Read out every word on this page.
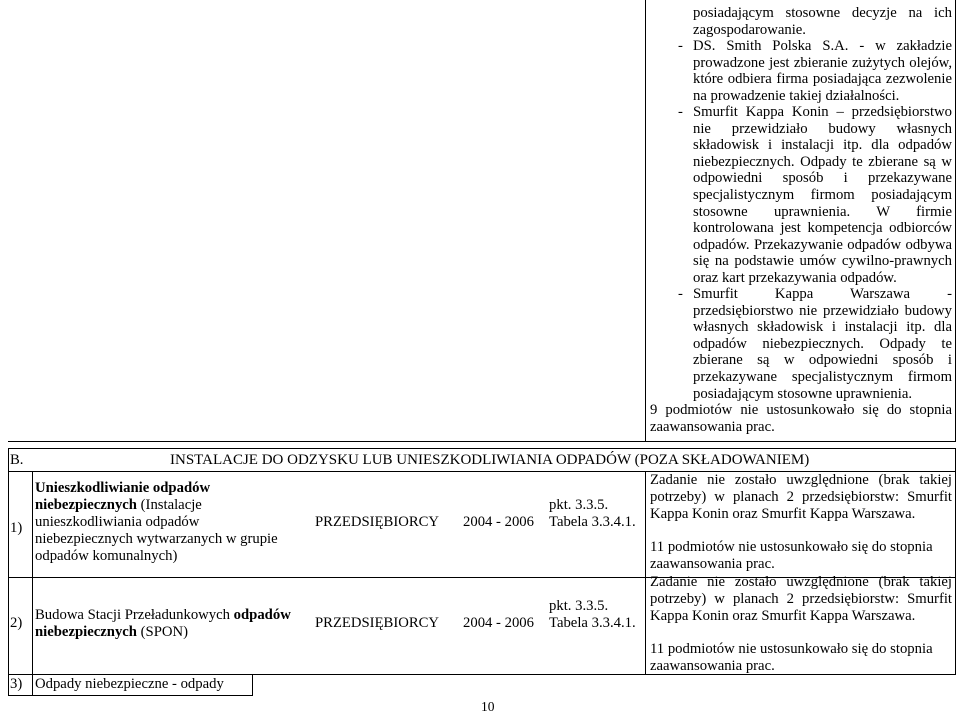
posiadającym stosowne decyzje na ich
zagospodarowanie.
- DS. Smith Polska S.A. - w zakładzie
prowadzone jest zbieranie zużytych olejów,
które odbiera firma posiadająca zezwolenie
na prowadzenie takiej działalności.
- Smurfit Kappa Konin – przedsiębiorstwo
nie przewidziało budowy własnych
składowisk i instalacji itp. dla odpadów
niebezpiecznych. Odpady te zbierane są w
odpowiedni sposób i przekazywane
specjalistycznym firmom posiadającym
stosowne uprawnienia. W firmie
kontrolowana jest kompetencja odbiorców
odpadów. Przekazywanie odpadów odbywa
się na podstawie umów cywilno-prawnych
oraz kart przekazywania odpadów.
- Smurfit Kappa Warszawa -
przedsiębiorstwo nie przewidziało budowy
własnych składowisk i instalacji itp. dla
odpadów niebezpiecznych. Odpady te
zbierane są w odpowiedni sposób i
przekazywane specjalistycznym firmom
posiadającym stosowne uprawnienia.
9 podmiotów nie ustosunkowało się do stopnia
zaawansowania prac.
B.	INSTALACJE DO ODZYSKU LUB UNIESZKODLIWIANIA ODPADÓW (POZA SKŁADOWANIEM)
1)
Unieszkodliwianie odpadów
niebezpiecznych (Instalacje
unieszkodliwiania odpadów
niebezpiecznych wytwarzanych w grupie
odpadów komunalnych)
PRZEDSIĘBIORCY 2004 - 2006
pkt. 3.3.5.
Tabela 3.3.4.1.
Zadanie nie zostało uwzględnione (brak takiej
potrzeby) w planach 2 przedsiębiorstw: Smurfit
Kappa Konin oraz Smurfit Kappa Warszawa.
11 podmiotów nie ustosunkowało się do stopnia
zaawansowania prac.
2) Budowa Stacji Przeładunkowych odpadów
niebezpiecznych (SPON)
PRZEDSIĘBIORCY 2004 - 2006
pkt. 3.3.5.
Tabela 3.3.4.1.
Zadanie nie zostało uwzględnione (brak takiej
potrzeby) w planach 2 przedsiębiorstw: Smurfit
Kappa Konin oraz Smurfit Kappa Warszawa.
11 podmiotów nie ustosunkowało się do stopnia
zaawansowania prac.
3) Odpady niebezpieczne - odpady
10
